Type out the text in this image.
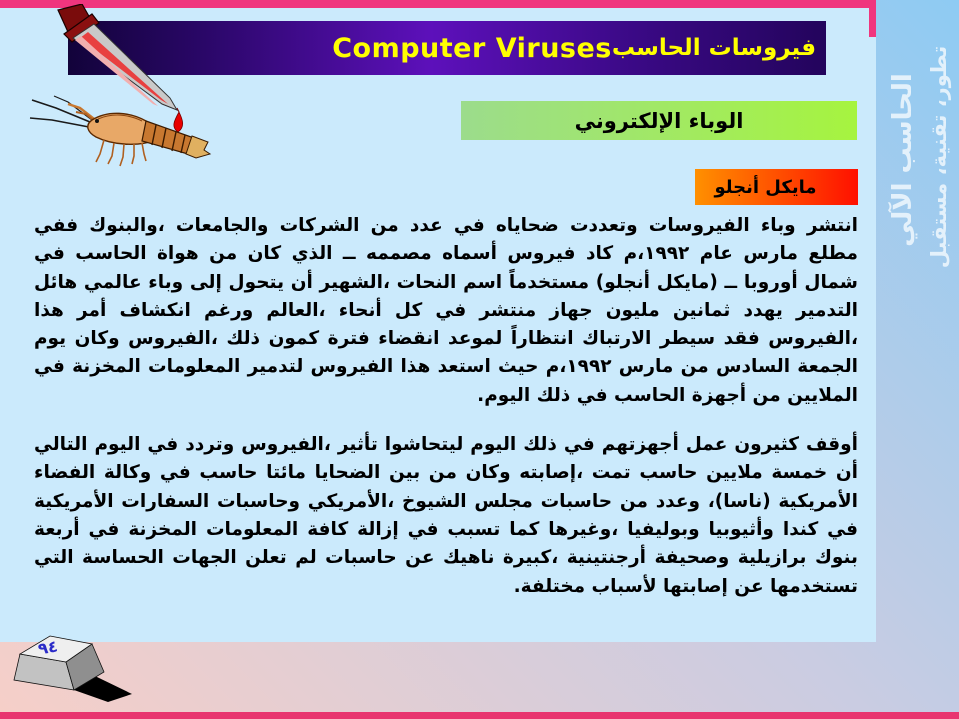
Computer Viruses فيروسات الحاسب
الوباء الإلكتروني
مايكل أنجلو

انتشر وباء الفيروسات وتعددت ضحاياه في عدد من الشركات والجامعات ،والبنوك ففي مطلع مارس عام ١٩٩٢،م كاد فيروس أسماه مصممه ــ الذي كان من هواة الحاسب في شمال أوروبا ــ (مايكل أنجلو) مستخدماً اسم النحات ،الشهير أن يتحول إلى وباء عالمي هائل التدمير يهدد ثمانين مليون جهاز منتشر في كل أنحاء ،العالم ورغم انكشاف أمر هذا ،الفيروس فقد سيطر الارتباك انتظاراً لموعد انقضاء فترة كمون ذلك ،الفيروس وكان يوم الجمعة السادس من مارس ١٩٩٢،م حيث استعد هذا الفيروس لتدمير المعلومات المخزنة في الملايين من أجهزة الحاسب في ذلك اليوم.

أوقف كثيرون عمل أجهزتهم في ذلك اليوم ليتحاشوا تأثير ،الفيروس وتردد في اليوم التالي أن خمسة ملايين حاسب تمت ،إصابته وكان من بين الضحايا مائتا حاسب في وكالة الفضاء الأمريكية (ناسا)، وعدد من حاسبات مجلس الشيوخ ،الأمريكي وحاسبات السفارات الأمريكية في كندا وأثيوبيا وبوليفيا ،وغيرها كما تسبب في إزالة كافة المعلومات المخزنة في أربعة بنوك برازيلية وصحيفة أرجنتينية ،كبيرة ناهيك عن حاسبات لم تعلن الجهات الحساسة التي تستخدمها عن إصابتها لأسباب مختلفة.

الحاسب الآلي تطور، تقنية، مستقبل
٩٤
